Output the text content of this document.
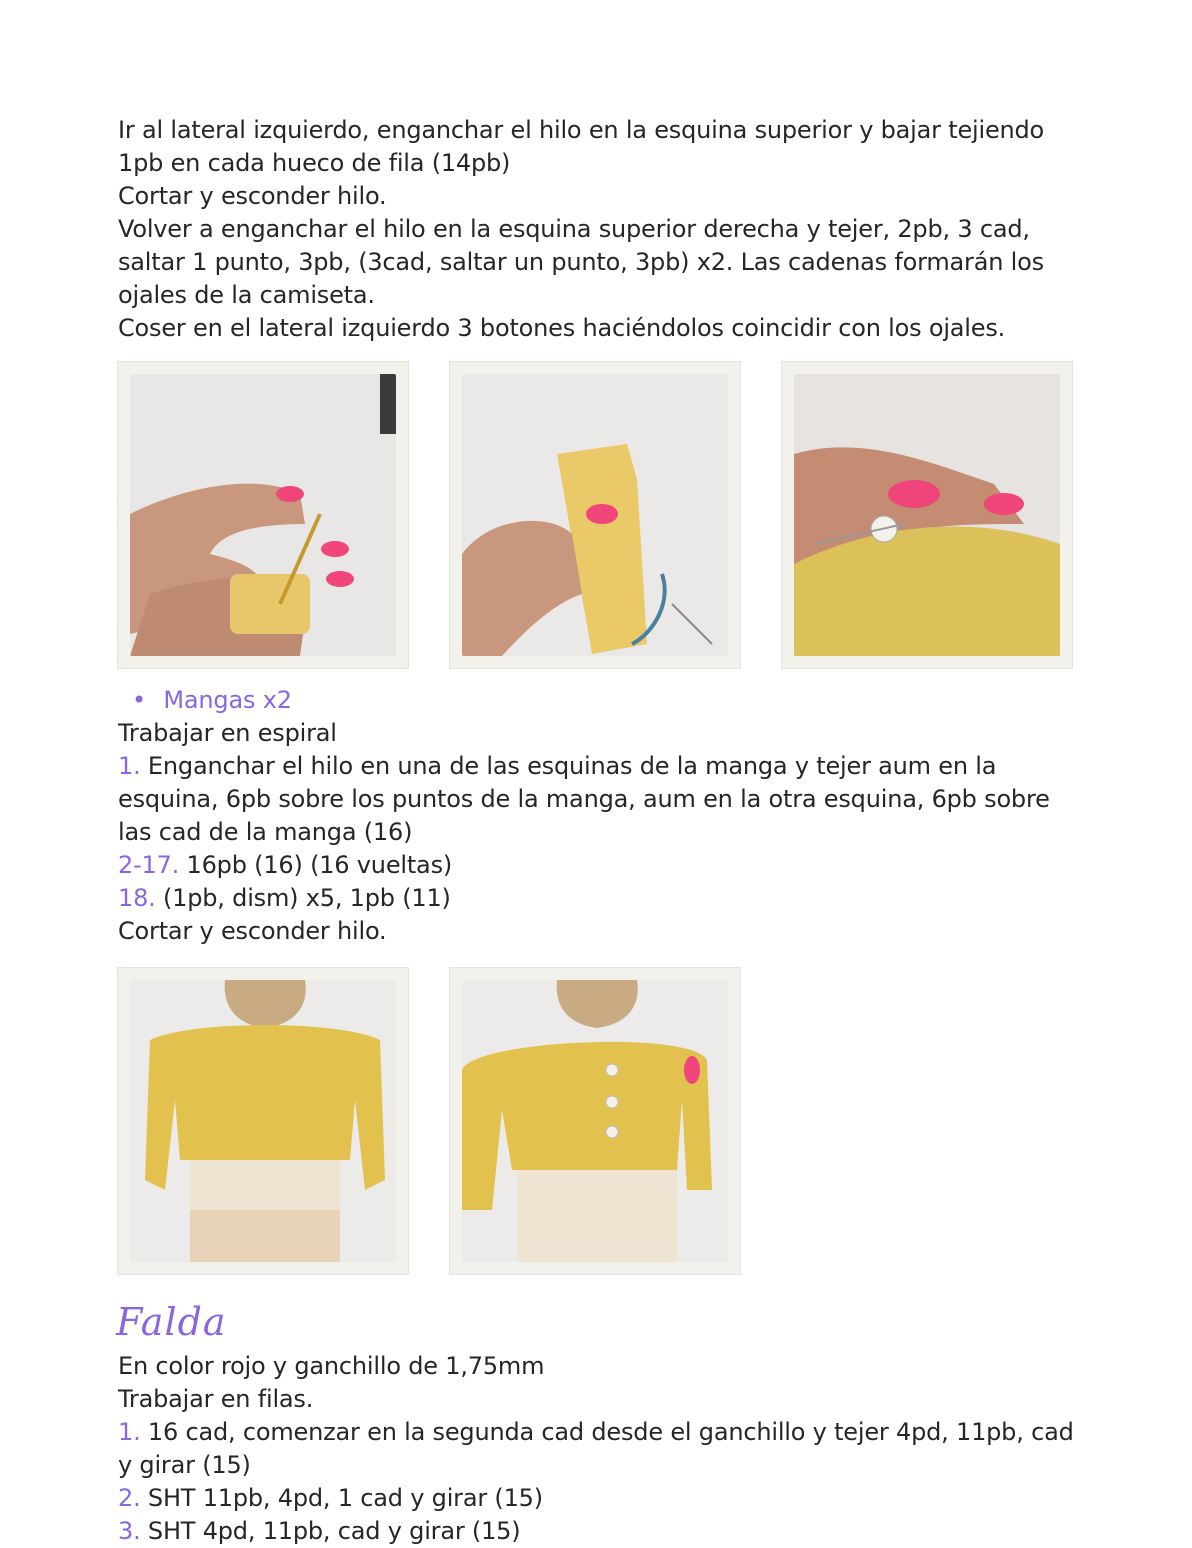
Ir al lateral izquierdo, enganchar el hilo en la esquina superior y bajar tejiendo

1pb en cada hueco de fila (14pb)

Cortar y esconder hilo.

Volver a enganchar el hilo en la esquina superior derecha y tejer, 2pb, 3 cad,

saltar 1 punto, 3pb, (3cad, saltar un punto, 3pb) x2. Las cadenas formarán los

ojales de la camiseta.

Coser en el lateral izquierdo 3 botones haciéndolos coincidir con los ojales.

• Mangas x2

Trabajar en espiral

1. Enganchar el hilo en una de las esquinas de la manga y tejer aum en la

esquina, 6pb sobre los puntos de la manga, aum en la otra esquina, 6pb sobre

las cad de la manga (16)

2-17. 16pb (16) (16 vueltas)

18. (1pb, dism) x5, 1pb (11)

Cortar y esconder hilo.

Falda

En color rojo y ganchillo de 1,75mm

Trabajar en filas.

1. 16 cad, comenzar en la segunda cad desde el ganchillo y tejer 4pd, 11pb, cad

y girar (15)

2. SHT 11pb, 4pd, 1 cad y girar (15)

3. SHT 4pd, 11pb, cad y girar (15)
